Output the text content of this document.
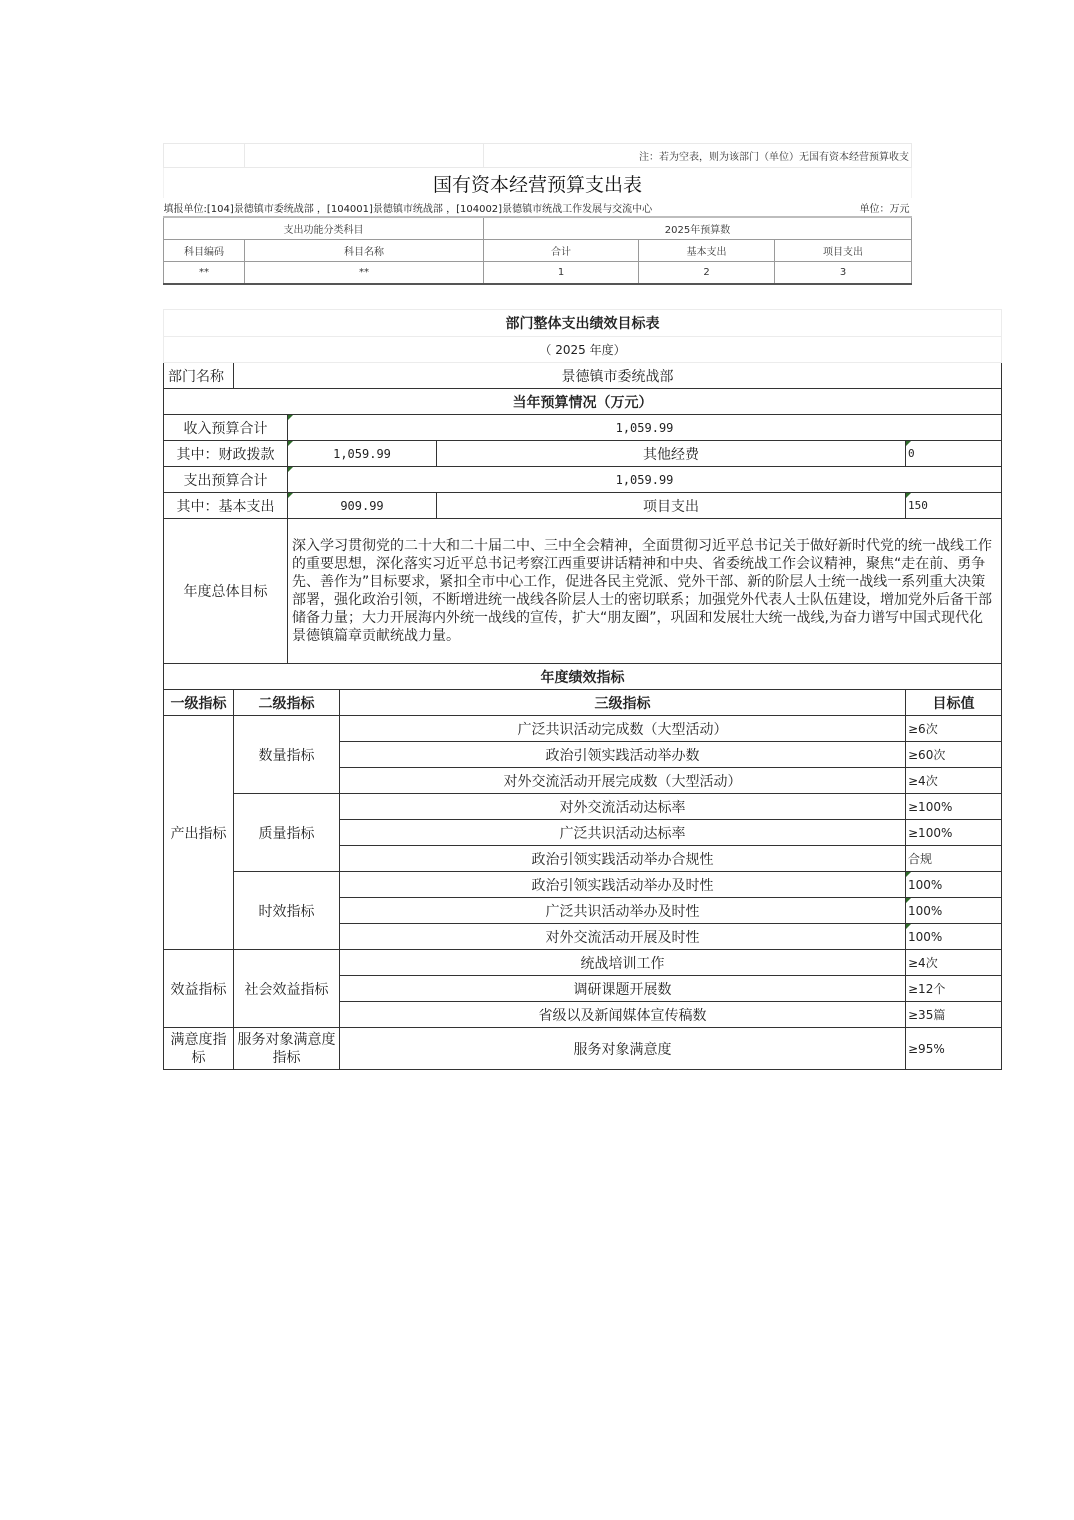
		注：若为空表，则为该部门（单位）无国有资本经营预算收支		
国有资本经营预算支出表				
填报单位:[104]景德镇市委统战部 ，[104001]景德镇市统战部 ，[104002]景德镇市统战工作发展与交流中心				单位：万元
支出功能分类科目		2025年预算数		
科目编码	科目名称	合计	基本支出	项目支出
**	**	1	2	3
部门整体支出绩效目标表					
（ 2025 年度）					
部门名称	景德镇市委统战部				
当年预算情况（万元）					
收入预算合计		1,059.99			
其中：财政拨款		1,059.99		其他经费	0
支出预算合计		1,059.99			
其中：基本支出		909.99		项目支出	150
年度总体目标		深入学习贯彻党的二十大和二十届二中、三中全会精神，全面贯彻习近平总书记关于做好新时代党的统一战线工作的重要思想，深化落实习近平总书记考察江西重要讲话精神和中央、省委统战工作会议精神，聚焦“走在前、勇争先、善作为”目标要求，紧扣全市中心工作，促进各民主党派、党外干部、新的阶层人士统一战线一系列重大决策部署，强化政治引领，不断增进统一战线各阶层人士的密切联系；加强党外代表人士队伍建设，增加党外后备干部储备力量；大力开展海内外统一战线的宣传，扩大“朋友圈”，巩固和发展壮大统一战线,为奋力谱写中国式现代化景德镇篇章贡献统战力量。			
年度绩效指标					
一级指标	二级指标		三级指标		目标值
产出指标	数量指标		广泛共识活动完成数（大型活动）		≥6次
			政治引领实践活动举办数		≥60次
			对外交流活动开展完成数（大型活动）		≥4次
	质量指标		对外交流活动达标率		≥100%
			广泛共识活动达标率		≥100%
			政治引领实践活动举办合规性		合规
	时效指标		政治引领实践活动举办及时性		100%
			广泛共识活动举办及时性		100%
			对外交流活动开展及时性		100%
效益指标	社会效益指标		统战培训工作		≥4次
			调研课题开展数		≥12个
			省级以及新闻媒体宣传稿数		≥35篇
满意度指标	服务对象满意度指标		服务对象满意度		≥95%
